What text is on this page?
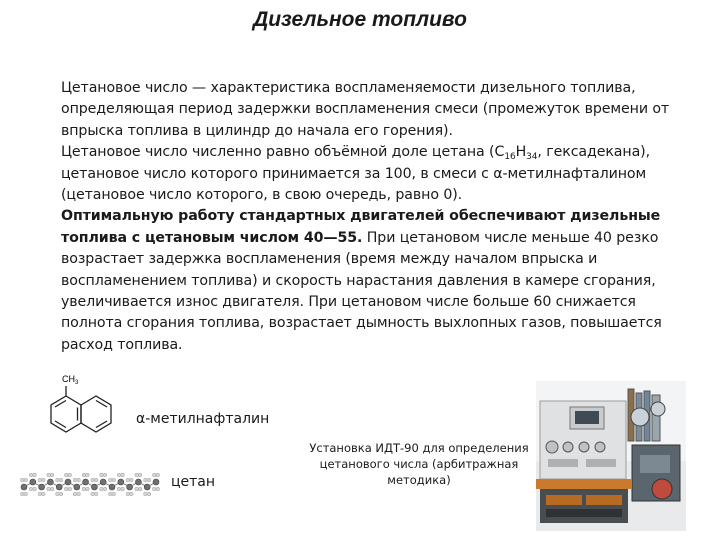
Дизельное топливо

Цетановое число — характеристика воспламеняемости дизельного топлива, определяющая период задержки воспламенения смеси (промежуток времени от впрыска топлива в цилиндр до начала его горения).

Цетановое число численно равно объёмной доле цетана ($C_{16}H_{34}$, гексадекана), цетановое число которого принимается за 100, в смеси с α-метилнафталином (цетановое число которого, в свою очередь, равно 0).

Оптимальную работу стандартных двигателей обеспечивают дизельные топлива с цетановым числом 40—55. При цетановом числе меньше 40 резко возрастает задержка воспламенения (время между началом впрыска и воспламенением топлива) и скорость нарастания давления в камере сгорания, увеличивается износ двигателя. При цетановом числе больше 60 снижается полнота сгорания топлива, возрастает дымность выхлопных газов, повышается расход топлива.

$CH_3$
α-метилнафталин
цетан
Установка ИДТ-90 для определения цетанового числа (арбитражная методика)
